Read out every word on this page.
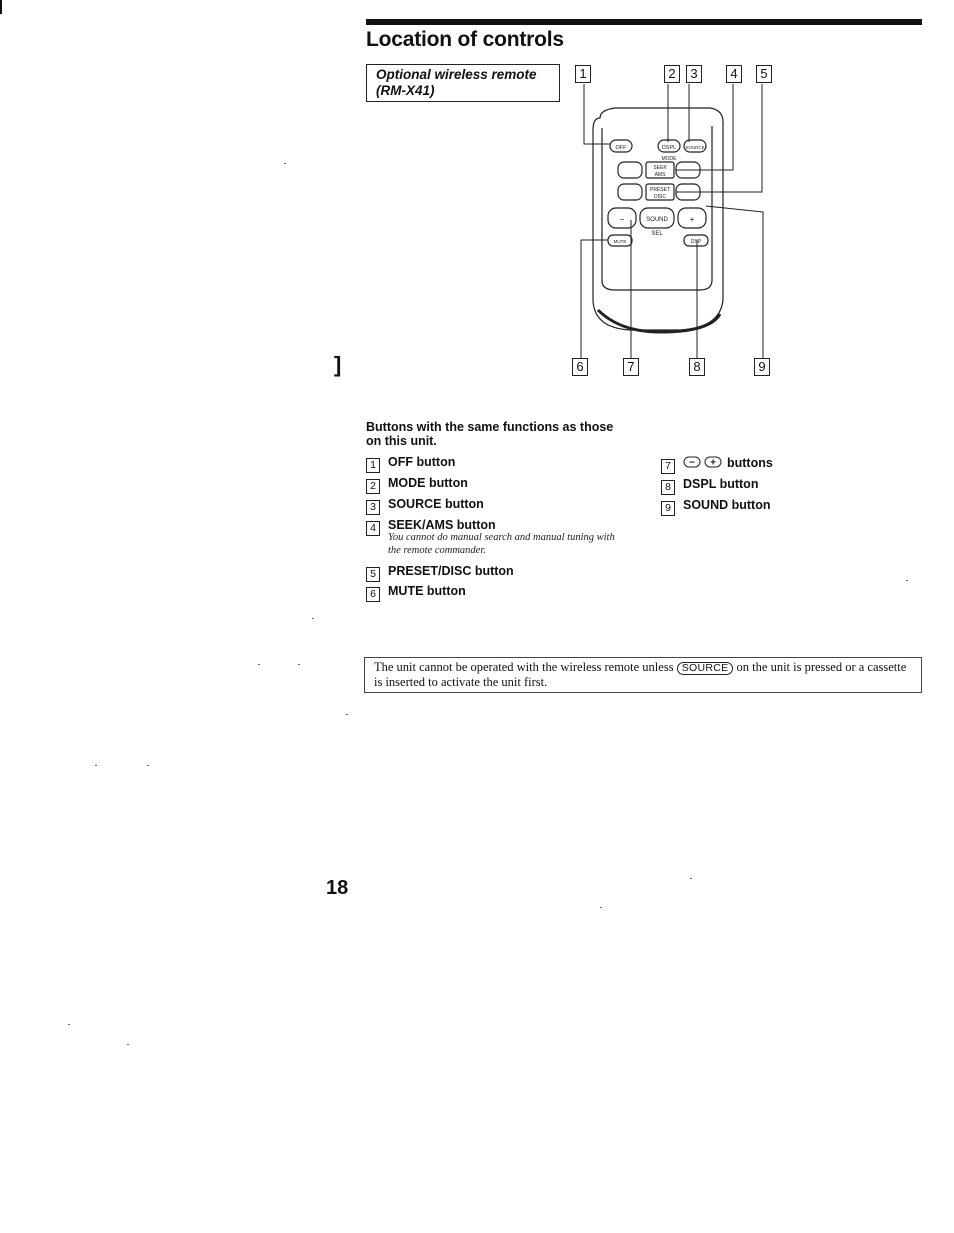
Location of controls
Optional wireless remote
(RM-X41)
OFF	DSPL SOURCE
MODE
SEEK
AMS
PRESET
DISC
−	SOUND	+
SEL
MUTE	DSP
1	2	3	4	5
6	7	8	9
]
Buttons with the same functions as those on this unit.
1 OFF button
2 MODE button
3 SOURCE button
4 SEEK/AMS button
You cannot do manual search and manual tuning with the remote commander.
5 PRESET/DISC button
6 MUTE button
7 − + buttons
8 DSPL button
9 SOUND button
The unit cannot be operated with the wireless remote unless SOURCE on the unit is pressed or a cassette is inserted to activate the unit first.
18
